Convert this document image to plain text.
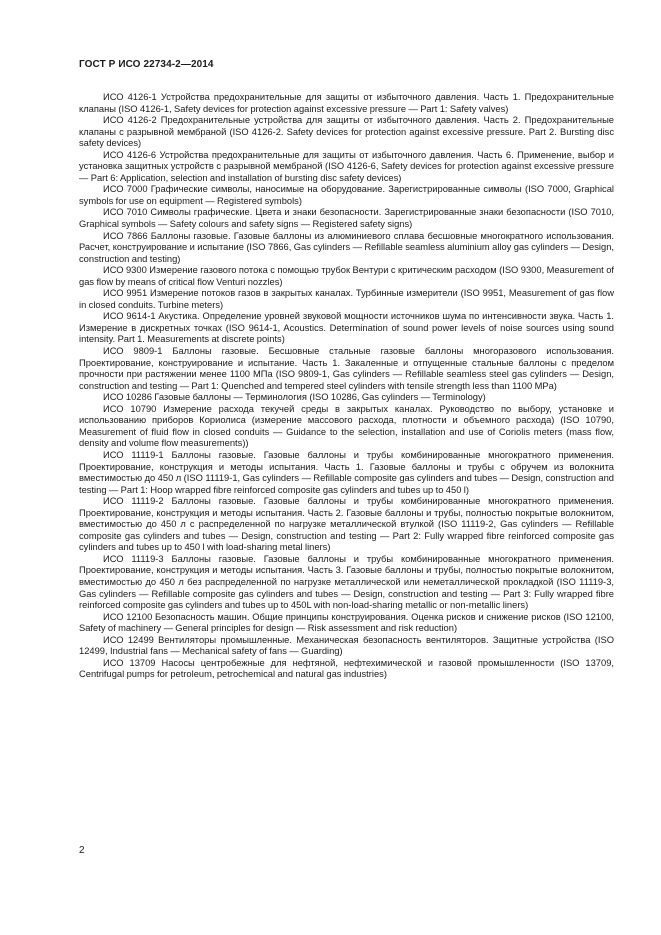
ГОСТ Р ИСО 22734-2—2014

ИСО 4126-1 Устройства предохранительные для защиты от избыточного давления. Часть 1. Предохранительные клапаны (ISO 4126-1, Safety devices for protection against excessive pressure — Part 1: Safety valves)

ИСО 4126-2 Предохранительные устройства для защиты от избыточного давления. Часть 2. Предохранительные клапаны с разрывной мембраной (ISO 4126-2. Safety devices for protection against excessive pressure. Part 2. Bursting disc safety devices)

ИСО 4126-6 Устройства предохранительные для защиты от избыточного давления. Часть 6. Применение, выбор и установка защитных устройств с разрывной мембраной (ISO 4126-6, Safety devices for protection against excessive pressure — Part 6: Application, selection and installation of bursting disc safety devices)

ИСО 7000 Графические символы, наносимые на оборудование. Зарегистрированные символы (ISO 7000, Graphical symbols for use on equipment — Registered symbols)

ИСО 7010 Символы графические. Цвета и знаки безопасности. Зарегистрированные знаки безопасности (ISO 7010, Graphical symbols — Safety colours and safety signs — Registered safety signs)

ИСО 7866 Баллоны газовые. Газовые баллоны из алюминиевого сплава бесшовные многократного использования. Расчет, конструирование и испытание (ISO 7866, Gas cylinders — Refillable seamless aluminium alloy gas cylinders — Design, construction and testing)

ИСО 9300 Измерение газового потока с помощью трубок Вентури с критическим расходом (ISO 9300, Measurement of gas flow by means of critical flow Venturi nozzles)

ИСО 9951 Измерение потоков газов в закрытых каналах. Турбинные измерители (ISO 9951, Measurement of gas flow in closed conduits. Turbine meters)

ИСО 9614-1 Акустика. Определение уровней звуковой мощности источников шума по интенсивности звука. Часть 1. Измерение в дискретных точках (ISO 9614-1, Acoustics. Determination of sound power levels of noise sources using sound intensity. Part 1. Measurements at discrete points)

ИСО 9809-1 Баллоны газовые. Бесшовные стальные газовые баллоны многоразового использования. Проектирование, конструирование и испытание. Часть 1. Закаленные и отпущенные стальные баллоны с пределом прочности при растяжении менее 1100 МПа (ISO 9809-1, Gas cylinders — Refillable seamless steel gas cylinders — Design, construction and testing — Part 1: Quenched and tempered steel cylinders with tensile strength less than 1100 MPa)

ИСО 10286 Газовые баллоны — Терминология (ISO 10286, Gas cylinders — Terminology)

ИСО 10790 Измерение расхода текучей среды в закрытых каналах. Руководство по выбору, установке и использованию приборов Кориолиса (измерение массового расхода, плотности и объемного расхода) (ISO 10790, Measurement of fluid flow in closed conduits — Guidance to the selection, installation and use of Coriolis meters (mass flow, density and volume flow measurements))

ИСО 11119-1 Баллоны газовые. Газовые баллоны и трубы комбинированные многократного применения. Проектирование, конструкция и методы испытания. Часть 1. Газовые баллоны и трубы с обручем из волокнита вместимостью до 450 л (ISO 11119-1, Gas cylinders — Refillable composite gas cylinders and tubes — Design, construction and testing — Part 1: Hoop wrapped fibre reinforced composite gas cylinders and tubes up to 450 l)

ИСО 11119-2 Баллоны газовые. Газовые баллоны и трубы комбинированные многократного применения. Проектирование, конструкция и методы испытания. Часть 2. Газовые баллоны и трубы, полностью покрытые волокнитом, вместимостью до 450 л с распределенной по нагрузке металлической втулкой (ISO 11119-2, Gas cylinders — Refillable composite gas cylinders and tubes — Design, construction and testing — Part 2: Fully wrapped fibre reinforced composite gas cylinders and tubes up to 450 l with load-sharing metal liners)

ИСО 11119-3 Баллоны газовые. Газовые баллоны и трубы комбинированные многократного применения. Проектирование, конструкция и методы испытания. Часть 3. Газовые баллоны и трубы, полностью покрытые волокнитом, вместимостью до 450 л без распределенной по нагрузке металлической или неметаллической прокладкой (ISO 11119-3, Gas cylinders — Refillable composite gas cylinders and tubes — Design, construction and testing — Part 3: Fully wrapped fibre reinforced composite gas cylinders and tubes up to 450L with non-load-sharing metallic or non-metallic liners)

ИСО 12100 Безопасность машин. Общие принципы конструирования. Оценка рисков и снижение рисков (ISO 12100, Safety of machinery — General principles for design — Risk assessment and risk reduction)

ИСО 12499 Вентиляторы промышленные. Механическая безопасность вентиляторов. Защитные устройства (ISO 12499, Industrial fans — Mechanical safety of fans — Guarding)

ИСО 13709 Насосы центробежные для нефтяной, нефтехимической и газовой промышленности (ISO 13709, Centrifugal pumps for petroleum, petrochemical and natural gas industries)

2
